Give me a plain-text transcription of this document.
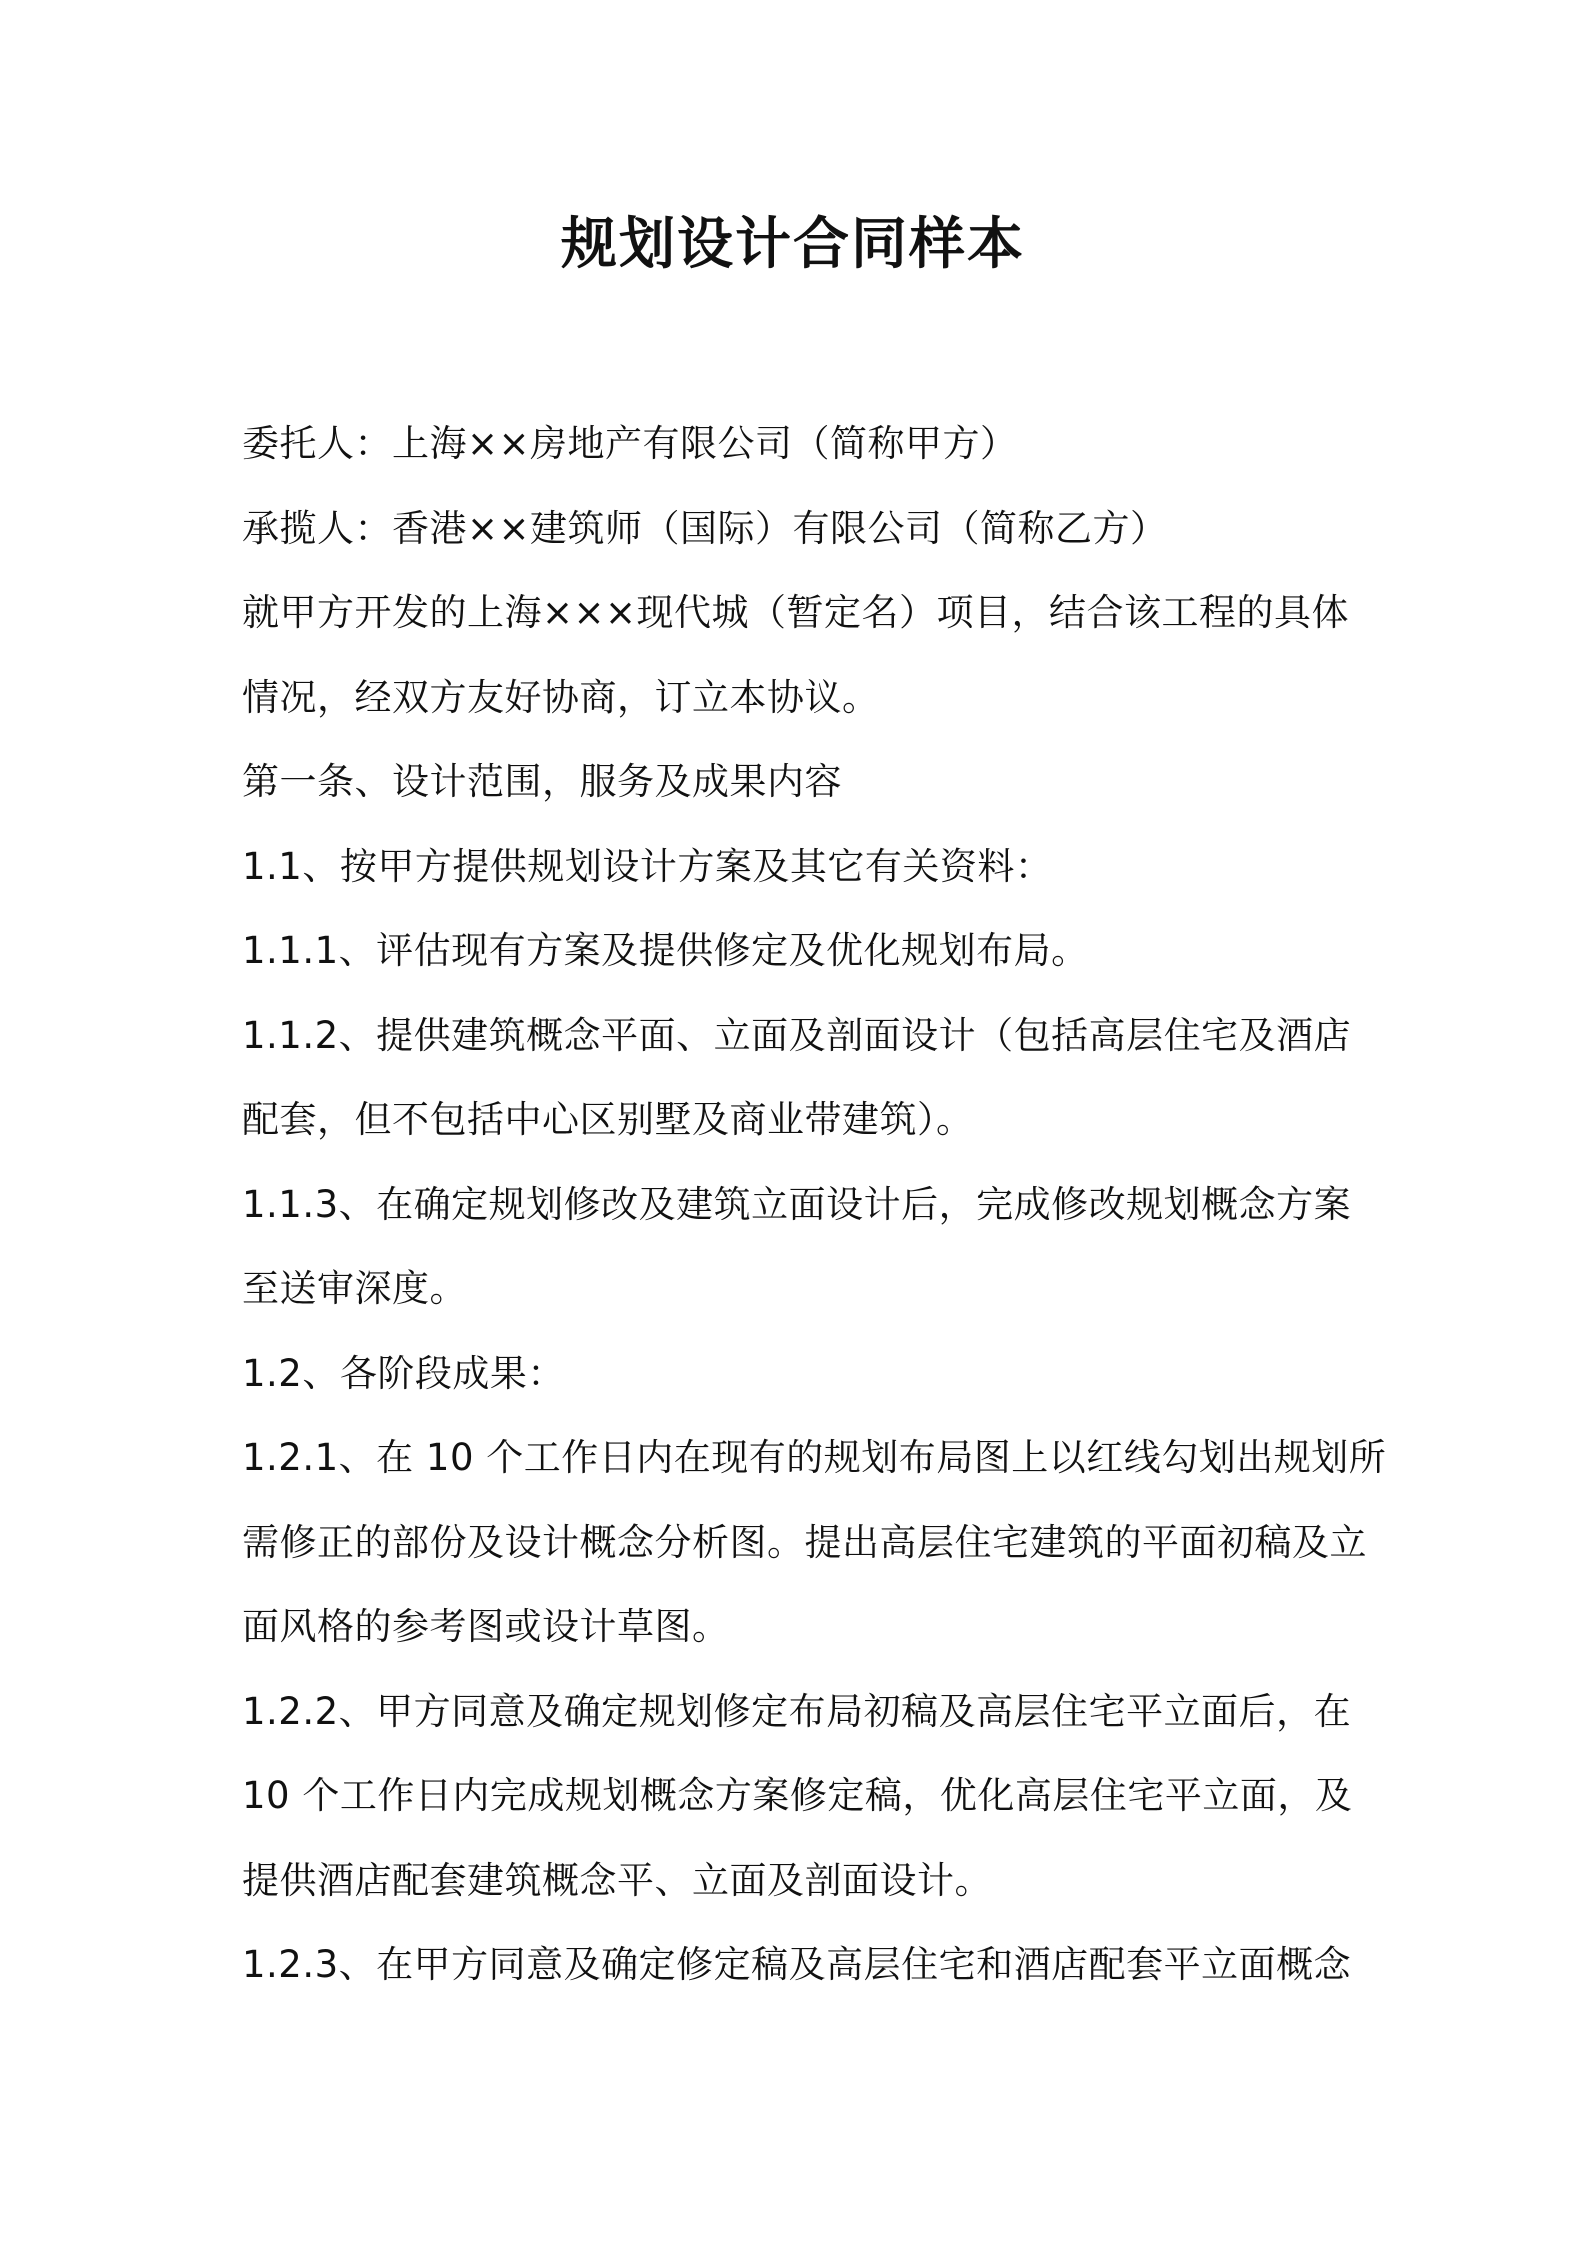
规划设计合同样本
委托人：上海××房地产有限公司（简称甲方）
承揽人：香港××建筑师（国际）有限公司（简称乙方）
就甲方开发的上海×××现代城（暂定名）项目，结合该工程的具体
情况，经双方友好协商，订立本协议。
第一条、设计范围，服务及成果内容
1.1、按甲方提供规划设计方案及其它有关资料：
1.1.1、评估现有方案及提供修定及优化规划布局。
1.1.2、提供建筑概念平面、立面及剖面设计（包括高层住宅及酒店
配套，但不包括中心区别墅及商业带建筑）。
1.1.3、在确定规划修改及建筑立面设计后，完成修改规划概念方案
至送审深度。
1.2、各阶段成果：
1.2.1、在 10 个工作日内在现有的规划布局图上以红线勾划出规划所
需修正的部份及设计概念分析图。提出高层住宅建筑的平面初稿及立
面风格的参考图或设计草图。
1.2.2、甲方同意及确定规划修定布局初稿及高层住宅平立面后，在
10 个工作日内完成规划概念方案修定稿，优化高层住宅平立面，及
提供酒店配套建筑概念平、立面及剖面设计。
1.2.3、在甲方同意及确定修定稿及高层住宅和酒店配套平立面概念
